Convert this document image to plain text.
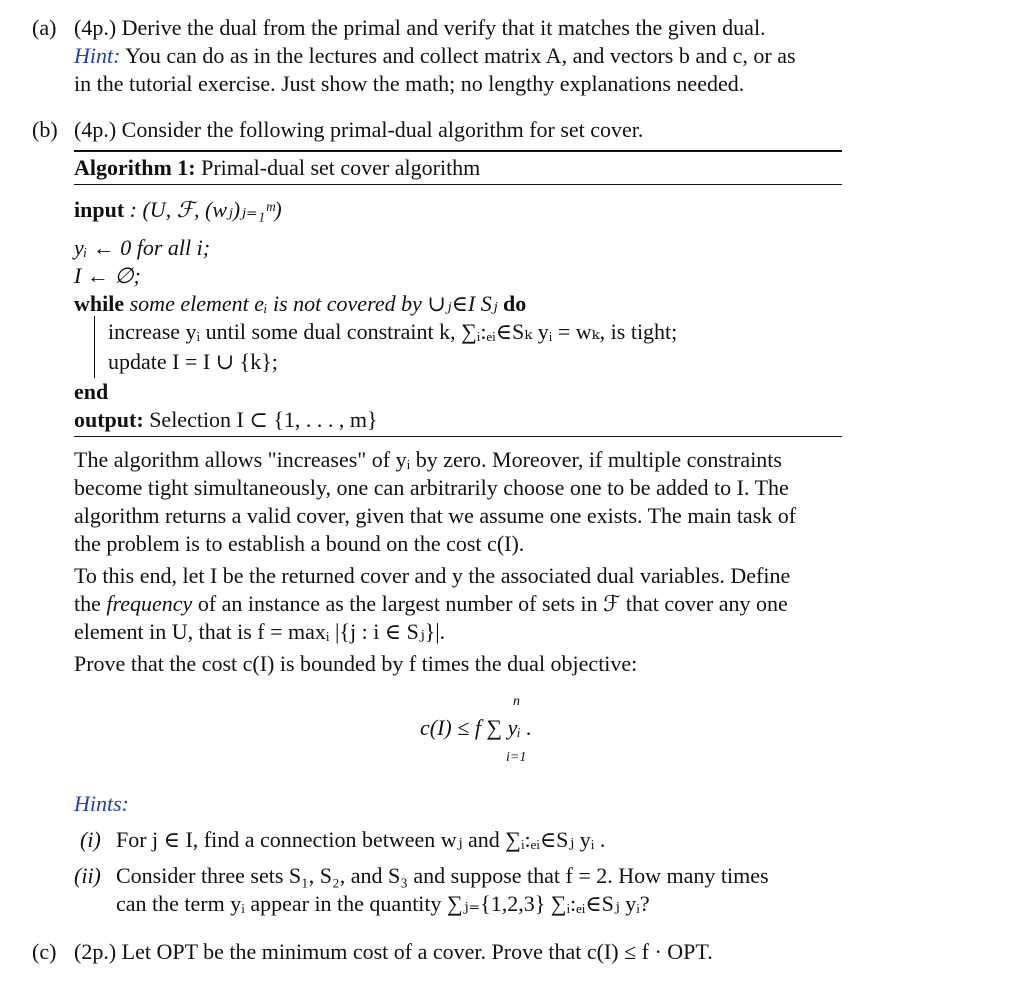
(a) (4p.) Derive the dual from the primal and verify that it matches the given dual.
Hint: You can do as in the lectures and collect matrix A, and vectors b and c, or as
in the tutorial exercise. Just show the math; no lengthy explanations needed.
(b) (4p.) Consider the following primal-dual algorithm for set cover.
Algorithm 1: Primal-dual set cover algorithm
input : (U, ℱ, (wⱼ)ⱼ₌₁ᵐ)
yᵢ ← 0 for all i;
I ← ∅;
while some element eᵢ is not covered by ∪ⱼ∈I Sⱼ do
increase yᵢ until some dual constraint k, ∑ᵢ:ₑᵢ∈Sₖ yᵢ = wₖ, is tight;
update I = I ∪ {k};
end
output: Selection I ⊂ {1, . . . , m}
The algorithm allows "increases" of yᵢ by zero. Moreover, if multiple constraints
become tight simultaneously, one can arbitrarily choose one to be added to I. The
algorithm returns a valid cover, given that we assume one exists. The main task of
the problem is to establish a bound on the cost c(I).
To this end, let I be the returned cover and y the associated dual variables. Define
the frequency of an instance as the largest number of sets in ℱ that cover any one
element in U, that is f = maxᵢ |{j : i ∈ Sⱼ}|.
Prove that the cost c(I) is bounded by f times the dual objective:
n
c(I) ≤ f ∑ yᵢ .
i=1
Hints:
(i) For j ∈ I, find a connection between wⱼ and ∑ᵢ:ₑᵢ∈Sⱼ yᵢ .
(ii) Consider three sets S₁, S₂, and S₃ and suppose that f = 2. How many times
can the term yᵢ appear in the quantity ∑ⱼ₌{1,2,3} ∑ᵢ:ₑᵢ∈Sⱼ yᵢ?
(c) (2p.) Let OPT be the minimum cost of a cover. Prove that c(I) ≤ f · OPT.
